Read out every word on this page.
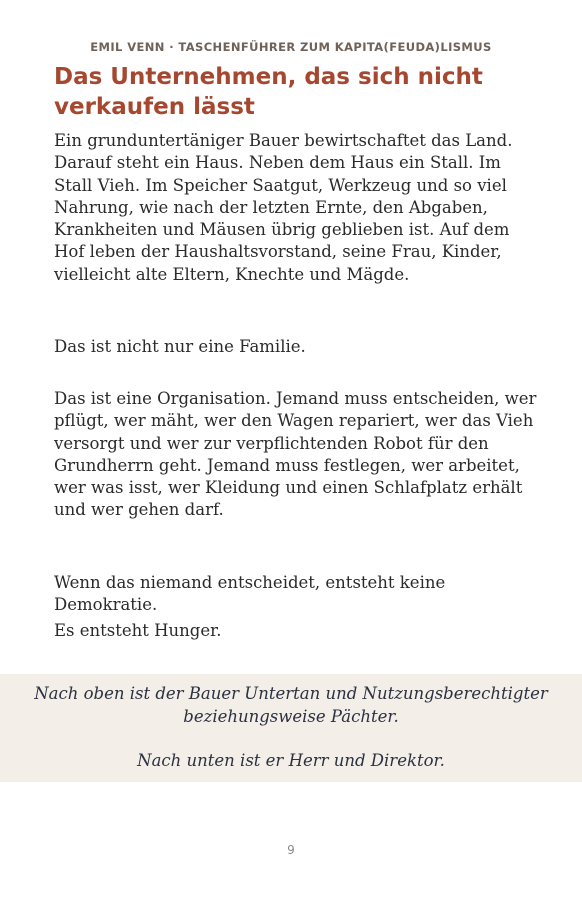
EMIL VENN · TASCHENFÜHRER ZUM KAPITA(FEUDA)LISMUS
Das Unternehmen, das sich nicht verkaufen lässt

Ein grunduntertäniger Bauer bewirtschaftet das Land. Darauf steht ein Haus. Neben dem Haus ein Stall. Im Stall Vieh. Im Speicher Saatgut, Werkzeug und so viel Nahrung, wie nach der letzten Ernte, den Abgaben, Krankheiten und Mäusen übrig geblieben ist. Auf dem Hof leben der Haushaltsvorstand, seine Frau, Kinder, vielleicht alte Eltern, Knechte und Mägde.

Das ist nicht nur eine Familie.

Das ist eine Organisation. Jemand muss entscheiden, wer pflügt, wer mäht, wer den Wagen repariert, wer das Vieh versorgt und wer zur verpflichtenden Robot für den Grundherrn geht. Jemand muss festlegen, wer arbeitet, wer was isst, wer Kleidung und einen Schlafplatz erhält und wer gehen darf.

Wenn das niemand entscheidet, entsteht keine Demokratie.

Es entsteht Hunger.

Nach oben ist der Bauer Untertan und Nutzungsberechtigter beziehungsweise Pächter.

Nach unten ist er Herr und Direktor.

9
